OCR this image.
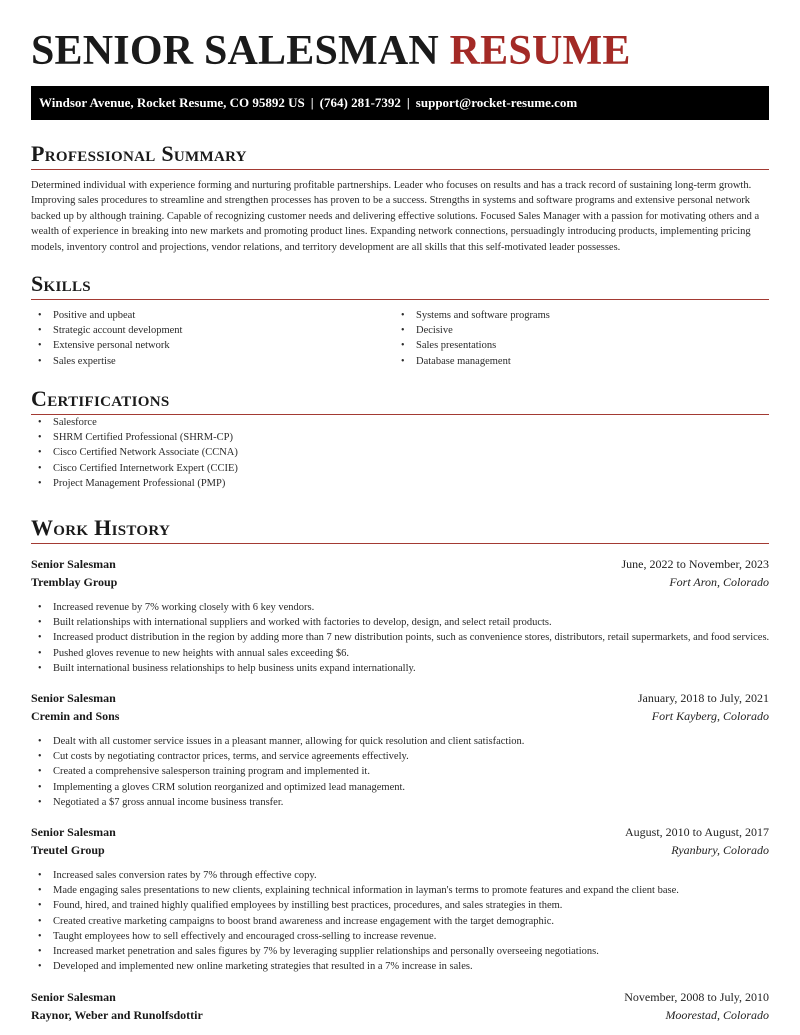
SENIOR SALESMAN RESUME
Windsor Avenue, Rocket Resume, CO 95892 US | (764) 281-7392 | support@rocket-resume.com
Professional Summary

Determined individual with experience forming and nurturing profitable partnerships. Leader who focuses on results and has a track record of sustaining long-term growth. Improving sales procedures to streamline and strengthen processes has proven to be a success. Strengths in systems and software programs and extensive personal network backed up by although training. Capable of recognizing customer needs and delivering effective solutions. Focused Sales Manager with a passion for motivating others and a wealth of experience in breaking into new markets and promoting product lines. Expanding network connections, persuadingly introducing products, implementing pricing models, inventory control and projections, vendor relations, and territory development are all skills that this self-motivated leader possesses.

Skills
• Positive and upbeat
• Strategic account development
• Extensive personal network
• Sales expertise
• Systems and software programs
• Decisive
• Sales presentations
• Database management
Certifications
• Salesforce
• SHRM Certified Professional (SHRM-CP)
• Cisco Certified Network Associate (CCNA)
• Cisco Certified Internetwork Expert (CCIE)
• Project Management Professional (PMP)
Work History
Senior Salesman	June, 2022 to November, 2023
Tremblay Group	Fort Aron, Colorado
• Increased revenue by 7% working closely with 6 key vendors.
• Built relationships with international suppliers and worked with factories to develop, design, and select retail products.
• Increased product distribution in the region by adding more than 7 new distribution points, such as convenience stores, distributors, retail supermarkets, and food services.
• Pushed gloves revenue to new heights with annual sales exceeding $6.
• Built international business relationships to help business units expand internationally.
Senior Salesman	January, 2018 to July, 2021
Cremin and Sons	Fort Kayberg, Colorado
• Dealt with all customer service issues in a pleasant manner, allowing for quick resolution and client satisfaction.
• Cut costs by negotiating contractor prices, terms, and service agreements effectively.
• Created a comprehensive salesperson training program and implemented it.
• Implementing a gloves CRM solution reorganized and optimized lead management.
• Negotiated a $7 gross annual income business transfer.
Senior Salesman	August, 2010 to August, 2017
Treutel Group	Ryanbury, Colorado
• Increased sales conversion rates by 7% through effective copy.
• Made engaging sales presentations to new clients, explaining technical information in layman's terms to promote features and expand the client base.
• Found, hired, and trained highly qualified employees by instilling best practices, procedures, and sales strategies in them.
• Created creative marketing campaigns to boost brand awareness and increase engagement with the target demographic.
• Taught employees how to sell effectively and encouraged cross-selling to increase revenue.
• Increased market penetration and sales figures by 7% by leveraging supplier relationships and personally overseeing negotiations.
• Developed and implemented new online marketing strategies that resulted in a 7% increase in sales.
Senior Salesman	November, 2008 to July, 2010
Raynor, Weber and Runolfsdottir	Moorestad, Colorado
